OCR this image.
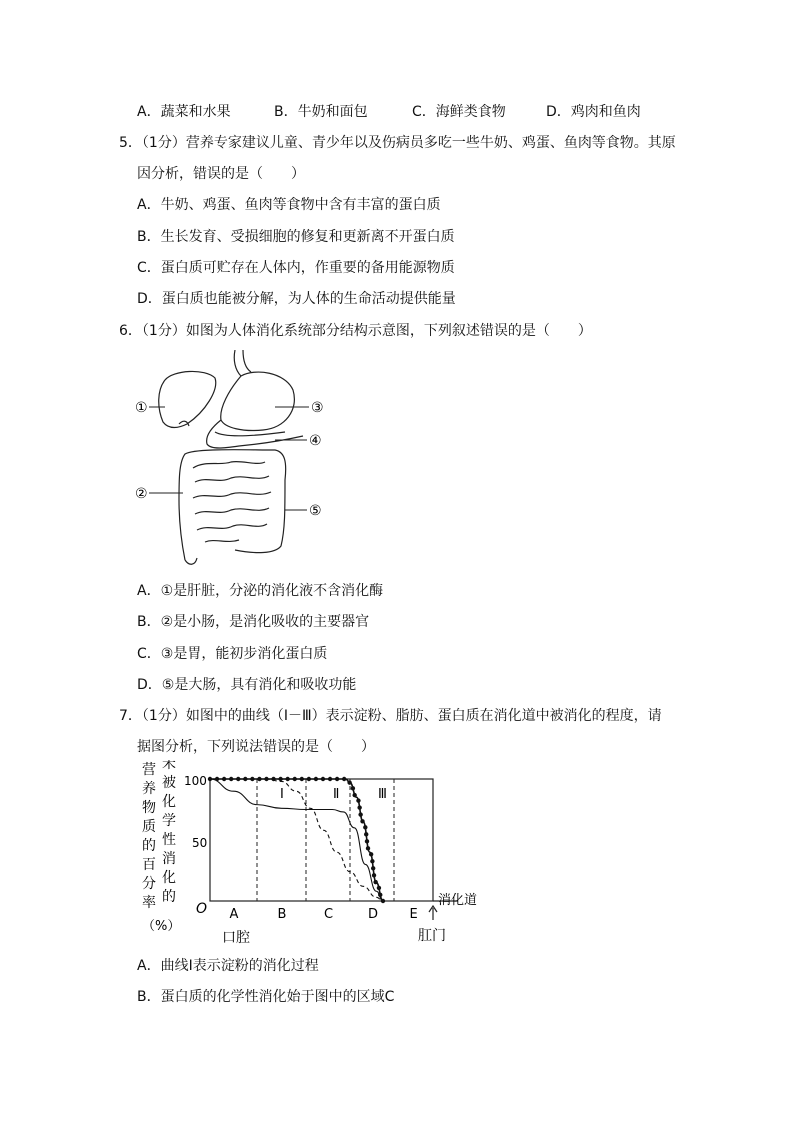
A．蔬菜和水果	B．牛奶和面包	C．海鲜类食物	D．鸡肉和鱼肉
5．（1分）营养专家建议儿童、青少年以及伤病员多吃一些牛奶、鸡蛋、鱼肉等食物。其原
因分析，错误的是（　　）
A．牛奶、鸡蛋、鱼肉等食物中含有丰富的蛋白质
B．生长发育、受损细胞的修复和更新离不开蛋白质
C．蛋白质可贮存在人体内，作重要的备用能源物质
D．蛋白质也能被分解，为人体的生命活动提供能量
6．（1分）如图为人体消化系统部分结构示意图，下列叙述错误的是（　　）
①
②
③
④
⑤
A．①是肝脏，分泌的消化液不含消化酶
B．②是小肠，是消化吸收的主要器官
C．③是胃，能初步消化蛋白质
D．⑤是大肠，具有消化和吸收功能
7．（1分）如图中的曲线（Ⅰ－Ⅲ）表示淀粉、脂肪、蛋白质在消化道中被消化的程度，请
据图分析，下列说法错误的是（　　）
营
养
物
质
的
百
分
率
未
被
化
学
性
消
化
的
（%）
100
50
O A	B	C	D E
Ⅰ	Ⅱ	Ⅲ
消化道
口腔	肛门
A．曲线Ⅰ表示淀粉的消化过程
B．蛋白质的化学性消化始于图中的区域C
